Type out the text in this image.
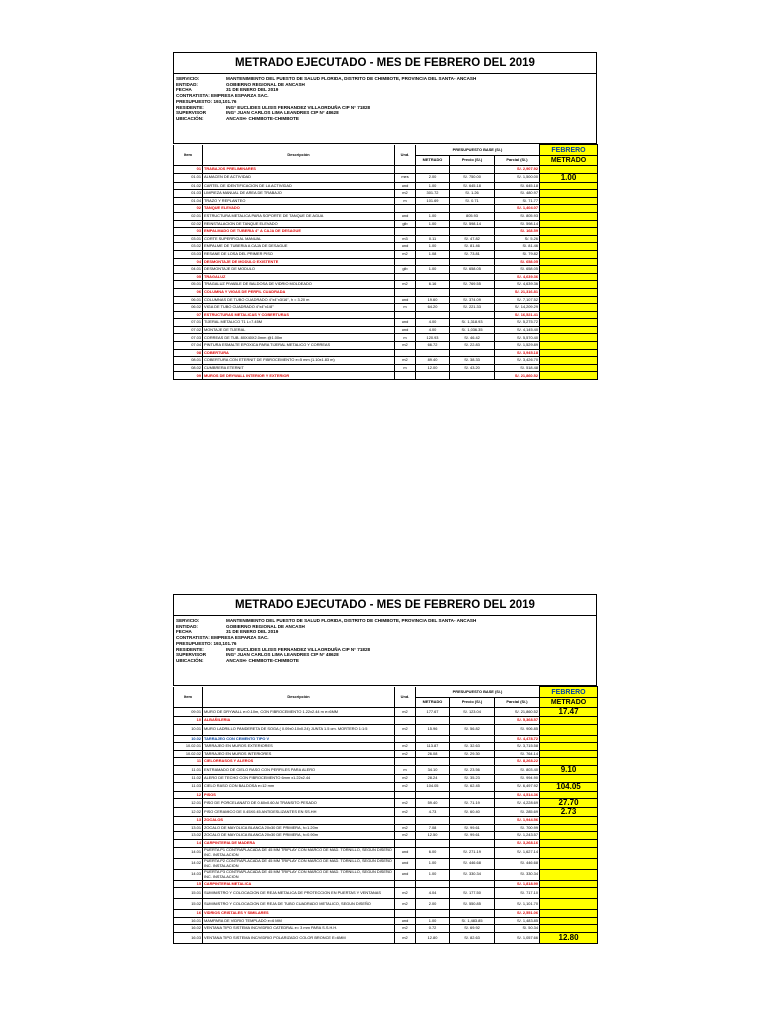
METRADO EJECUTADO - MES DE FEBRERO DEL 2019
SERVICIO:	MANTENIMIENTO DEL PUESTO DE SALUD FLORIDA, DISTRITO DE CHIMBOTE, PROVINCIA DEL SANTA- ANCASH
ENTIDAD:	GOBIERNO REGIONAL DE ANCASH
FECHA	31 DE ENERO DEL 2019
CONTRATISTA: EMPRESA ESPARZA SAC.
PRESUPUESTO: 193,101.76
RESIDENTE:	ING° EUCLIDES ULISIS FERNANDEZ VILLAORDUÑA CIP N° 71828
SUPERVISOR	ING° JUAN CARLOS LIMA LEANDRES CIP N° 48628
UBICACIÓN:	ANCASH- CHIMBOTE-CHIMBOTE
Item	Descripción	Und.	PRESUPUESTO BASE (S/.)			FEBRERO
			METRADO	Precio (S/.)	Parcial (S/.)	METRADO
01	TRABAJOS PRELIMINARES				S/. 2,907.92	

01.01	ALMACEN DE ACTIVIDAD	mes	2.00	S/. 750.00	S/. 1,500.00	1.00

01.02	CARTEL DE IDENTIFICACION DE LA ACTIVIDAD	und	1.00	S/. 645.18	S/. 645.18	

01.03	LIMPIEZA MANUAL DE AREA DE TRABAJO	m2	301.72	S/. 1.26	S/. 480.97	

01.04	TRAZO Y REPLANTEO	m	101.69	S/. 0.71	S/. 71.77	

02	TANQUE ELEVADO				S/. 1,404.07	

02.01	ESTRUCTURA METALICA PARA SOPORTE DE TANQUE DE AGUA	und	1.00	805.93	S/. 805.93	

02.02	REINSTALACION DE TANQUE ELEVADO	glb	1.00	S/. 598.14	S/. 598.14	

03	EMPALMADO DE TUBERIA 4" A CAJA DE DESAGUE				S/. 168.59	

03.01	CORTE SUPERFICIAL MANUAL	m3	0.11	S/. 47.82	S/. 5.26	

03.02	EMPALME DE TUBERIA A CAJA DE DESAGUE	und	1.00	S/. 81.46	S/. 81.46	

03.03	RESANE DE LOSA DEL PRIMER PISO	m2	1.08	S/. 73.81	S/. 79.82	

04	DESMONTAJE DE MODULO EXISTENTE				S/. 658.05	

04.01	DESMONTAJE DE MODULO	glb	1.00	S/. 658.05	S/. 658.05	

05	TRAGALUZ				S/. 4,639.36	

05.01	TRAGALUZ PIVABLE DE BALDOSA DE VIDRIO MOLDEADO	m2	6.16	S/. 769.55	S/. 4,639.36	

06	COLUMNA Y VIGAS DE PERFIL CUADRADA				S/. 21,316.81	

06.01	COLUMNAS DE TUBO CUADRADO 4"x4"x3/16", h = 3.20 m	und	19.60	S/. 374.09	S/. 7,107.52	

06.02	VIGA DE TUBO CUADRADO 4"x4"x1/8"	m	64.20	S/. 221.33	S/. 14,209.29	

07	ESTRUCTURAS METALICAS Y COBERTURAS				S/. 16,521.41	

07.01	TIJERAL METALICO T1 L=7.45M	und	4.00	S/. 1,318.93	S/. 5,275.72	

07.02	MONTAJE DE TIJERAL	und	4.00	S/. 1,036.35	S/. 4,145.40	

07.03	CORREAS DE TUB. 80X40X2.0mm @1.00m	m	120.93	S/. 46.42	S/. 5,570.40	

07.04	PINTURA ESMALTE EPOXICA PARA TIJERAL METALICO Y CORREAS	m2	66.72	S/. 22.83	S/. 1,529.89	

08	COBERTURA				S/. 3,945.18	

08.01	COBERTURA CON ETERNIT DE FIBROCEMENTO e=5 mm (1.10x1.83 m)	m2	89.40	S/. 38.33	S/. 3,426.70	

08.02	CUMBRERA ETERNIT	m	12.00	S/. 43.20	S/. 518.48	

09	MUROS DE DRYWALL INTERIOR Y EXTERIOR				S/. 21,860.52	
METRADO EJECUTADO - MES DE FEBRERO DEL 2019
SERVICIO:	MANTENIMIENTO DEL PUESTO DE SALUD FLORIDA, DISTRITO DE CHIMBOTE, PROVINCIA DEL SANTA- ANCASH
ENTIDAD:	GOBIERNO REGIONAL DE ANCASH
FECHA	31 DE ENERO DEL 2019
CONTRATISTA: EMPRESA ESPARZA SAC.
PRESUPUESTO: 193,101.76
RESIDENTE:	ING° EUCLIDES ULISIS FERNANDEZ VILLAORDUÑA CIP N° 71828
SUPERVISOR	ING° JUAN CARLOS LIMA LEANDRES CIP N° 48628
UBICACIÓN:	ANCASH- CHIMBOTE-CHIMBOTE
Item	Descripción	Und.	PRESUPUESTO BASE (S/.)			FEBRERO
			METRADO	Precio (S/.)	Parcial (S/.)	METRADO
09.01	MURO DE DRYWALL e=0.10m, CON FIBROCEMENTO 1.22x2.44 m e=6MM	m2	177.67	S/. 123.04	S/. 21,860.52	17.47

10	ALBAÑILERIA				S/. 5,368.57	

10.01	MURO LADRILLO PANDERETA DE SOGA ( 0.09x0.10x0.24) JUNTA 1.5 cm. MORTERO 1:1:5	m2	15.96	S/. 56.82	S/. 906.85	

10.02	TARRAJEO CON CEMENTO TIPO V				S/. 4,478.72	

10.02.01	TARRAJEO EN MUROS EXTERIORES	m2	113.87	S/. 32.63	S/. 3,715.58	

10.02.02	TARRAJEO EN MUROS INTERIORES	m2	26.08	S/. 29.30	S/. 764.14	

11	CIELORRASOS Y ALEROS				S/. 8,268.22	

11.01	ENTRAMADO DE CIELO RASO CON PERFILES PARA ALERO	m	34.10	S/. 23.56	S/. 803.40	9.10

11.02	ALERO DE TECHO CON FIBROCEMENTO 6mm x1.22x2.44	m2	28.24	S/. 35.23	S/. 994.90	

11.03	CIELO RASO CON BALDOSA e=12 mm	m2	104.05	S/. 62.45	S/. 6,497.92	104.05

12	PISOS				S/. 4,514.36	

12.01	PISO DE PORCELANATO DE 0.60x0.60 Al TRANSITO PESADO	m2	59.40	S/. 71.19	S/. 4,228.69	27.70

12.02	PISO CERAMICO DE 0.45X0.45 ANTIDESLIZANTES EN SS.HH	m2	4.73	S/. 60.40	S/. 285.69	2.73

13	ZOCALOS				S/. 1,944.56	

13.01	ZOCALO DE MAYOLICA BLANCA 20x30 DE PRIMERA, h=1.20m	m2	7.08	S/. 99.61	S/. 700.99	

13.02	ZOCALO DE MAYOLICA BLANCA 20x30 DE PRIMERA, h=0.90m	m2	12.50	S/. 99.61	S/. 1,243.57	

14	CARPINTERIA DE MADERA				S/. 3,268.16	

14.01	PUERTA P1 CONTRAPLACADA DE 45 MM TRIPLAY CON MARCO DE MAD. TORNILLO, SEGUN DISEÑO INC. INSTALACION	und	6.00	S/. 271.19	S/. 1,627.14	

14.02	PUERTA P2 CONTRAPLACADA DE 45 MM TRIPLAY CON MARCO DE MAD. TORNILLO, SEGUN DISEÑO INC. INSTALACION	und	1.00	S/. 446.68	S/. 446.68	

14.03	PUERTA P3 CONTRAPLACADA DE 45 MM TRIPLAY CON MARCO DE MAD. TORNILLO, SEGUN DISEÑO INC. INSTALACION	und	1.00	S/. 330.34	S/. 330.34	

15	CARPINTERIA METALICA				S/. 1,818.90	

15.01	SUMINISTRO Y COLOCACION DE REJA METALICA DE PROTECCION EN PUERTAS Y VENTANAS	m2	4.04	S/. 177.50	S/. 717.10	

15.02	SUMINISTRO Y COLOCACION DE REJA DE TUBO CUADRADO METALICO, SEGUN DISEÑO	m2	2.00	S/. 550.85	S/. 1,101.70	

16	VIDRIOS CRISTALES Y SIMILARES				S/. 2,551.06	

16.01	MAMPARA DE VIDRIO TEMPLADO e=6 MM	und	1.00	S/. 1,483.85	S/. 1,483.85	

16.02	VENTANA TIPO SISTEMA INC/VIDRIO CATEDRAL e= 3 mm PARA S.S.H.H.	m2	0.72	S/. 69.92	S/. 50.34	

16.03	VENTANA TIPO SISTEMA INC/VIDRIO POLARIZADO COLOR BRONCE E=6MM	m2	12.80	S/. 82.63	S/. 1,057.66	12.80
